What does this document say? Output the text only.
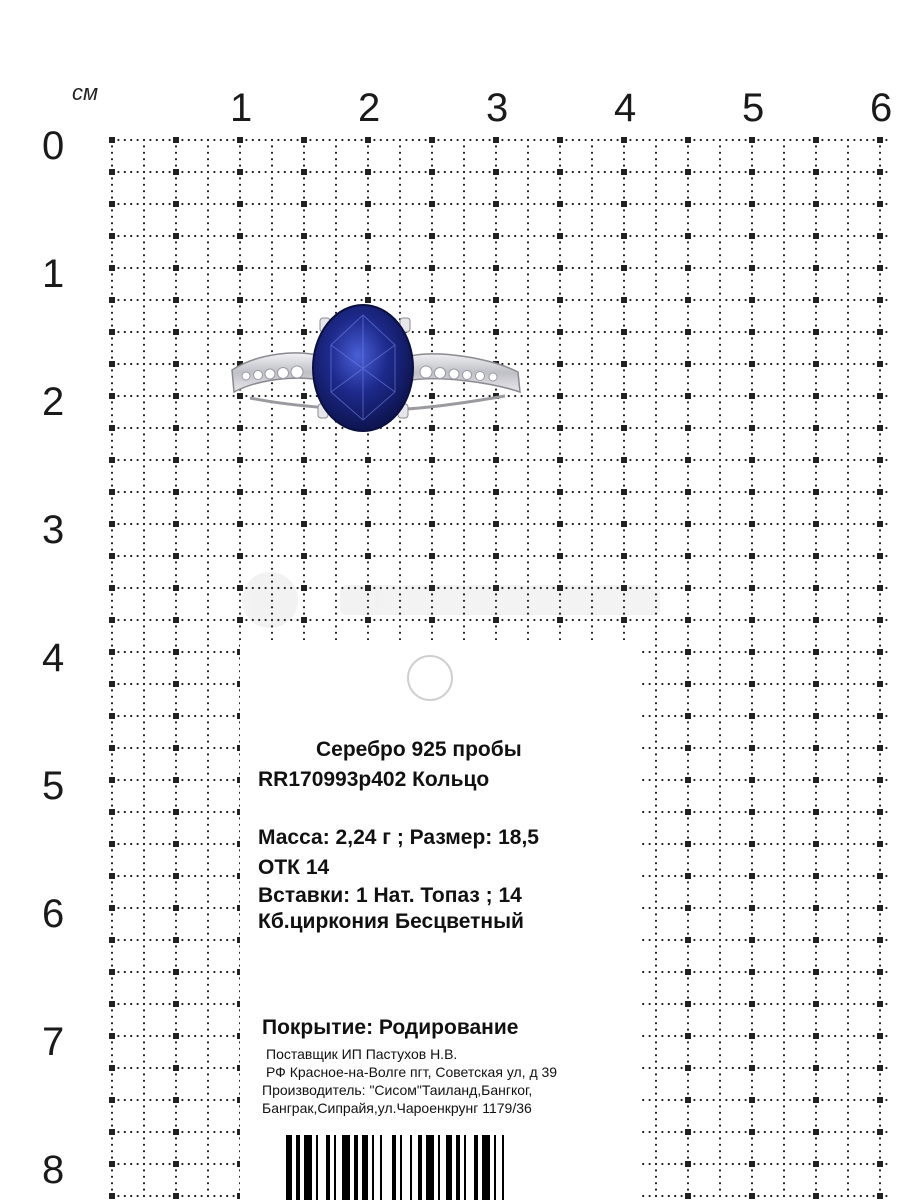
см	1	2	3	4	5	6
0
1
2
3
4
5
6
7
8
Серебро 925 пробы
RR170993p402 Кольцо
Масса: 2,24 г ; Размер: 18,5
ОТК 14
Вставки: 1 Нат. Топаз ; 14
Кб.циркония Бесцветный
Покрытие: Родирование
Поставщик ИП Пастухов Н.В.
РФ Красное-на-Волге пгт, Советская ул, д 39
Производитель: "Сисом"Таиланд,Бангког,
Банграк,Сипрайя,ул.Чароенкрунг 1179/36
